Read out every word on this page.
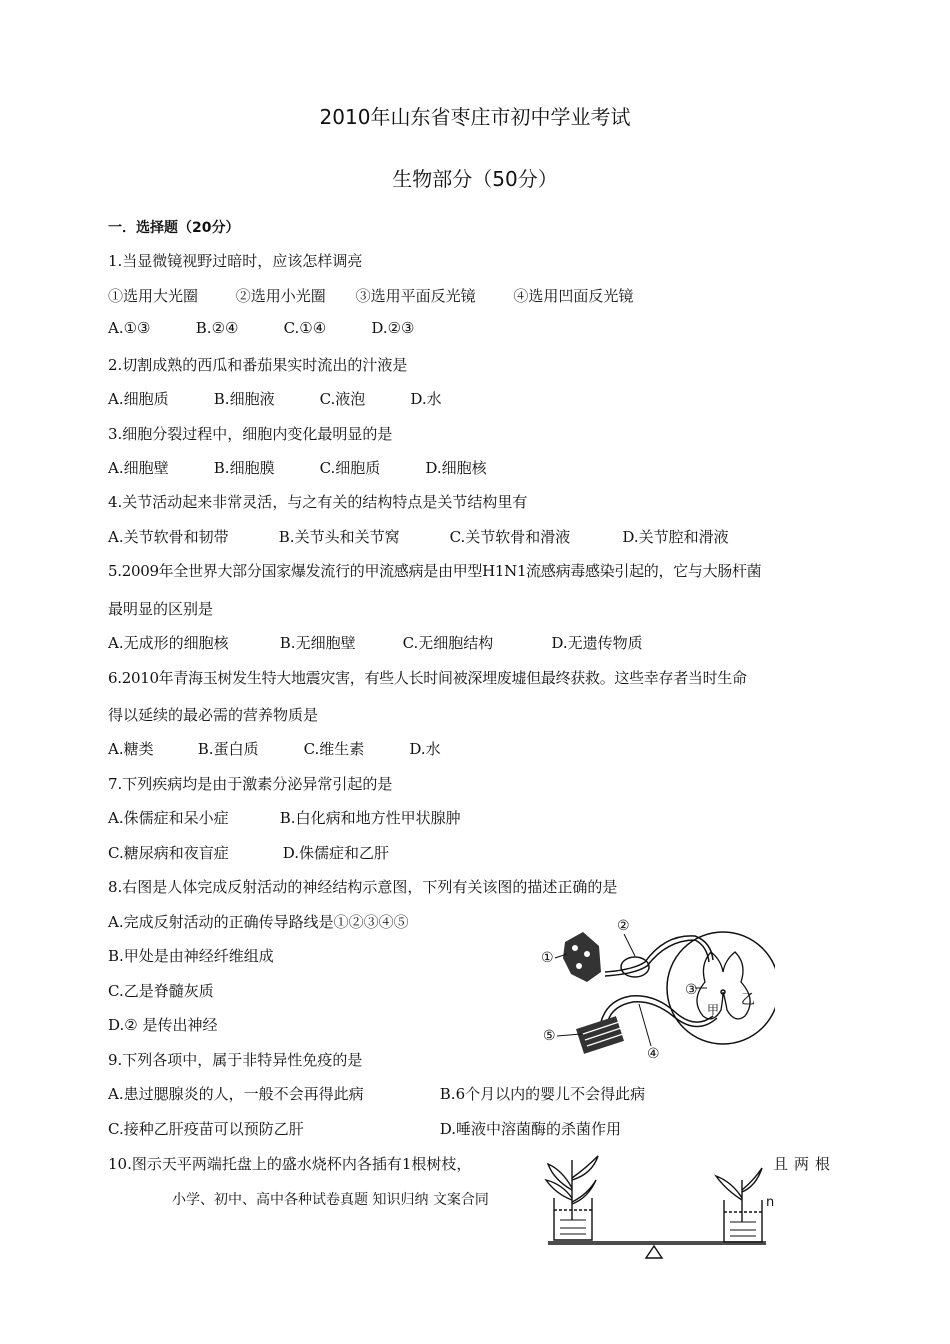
2010年山东省枣庄市初中学业考试
生物部分（50分）
一．选择题（20分）
1.当显微镜视野过暗时，应该怎样调亮
①选用大光圈	②选用小光圈 ③选用平面反光镜	④选用凹面反光镜
A.①③	B.②④	C.①④	D.②③
2.切割成熟的西瓜和番茄果实时流出的汁液是
A.细胞质	B.细胞液	C.液泡	D.水
3.细胞分裂过程中，细胞内变化最明显的是
A.细胞壁	B.细胞膜	C.细胞质	D.细胞核
4.关节活动起来非常灵活，与之有关的结构特点是关节结构里有
A.关节软骨和韧带	B.关节头和关节窝	C.关节软骨和滑液	D.关节腔和滑液
5.2009年全世界大部分国家爆发流行的甲流感病是由甲型H1N1流感病毒感染引起的，它与大肠杆菌
最明显的区别是
A.无成形的细胞核	B.无细胞壁	C.无细胞结构	D.无遗传物质
6.2010年青海玉树发生特大地震灾害，有些人长时间被深埋废墟但最终获救。这些幸存者当时生命
得以延续的最必需的营养物质是
A.糖类	B.蛋白质	C.维生素	D.水
7.下列疾病均是由于激素分泌异常引起的是
A.侏儒症和呆小症	B.白化病和地方性甲状腺肿
C.糖尿病和夜盲症	D.侏儒症和乙肝
8.右图是人体完成反射活动的神经结构示意图，下列有关该图的描述正确的是
A.完成反射活动的正确传导路线是①②③④⑤
B.甲处是由神经纤维组成
C.乙是脊髓灰质
D.② 是传出神经
①
②
③
④
⑤
甲
乙
9.下列各项中，属于非特异性免疫的是
A.患过腮腺炎的人，一般不会再得此病	B.6个月以内的婴儿不会得此病
C.接种乙肝疫苗可以预防乙肝	D.唾液中溶菌酶的杀菌作用
10.图示天平两端托盘上的盛水烧杯内各插有1根树枝，	且两根
小学、初中、高中各种试卷真题 知识归纳 文案合同	n
